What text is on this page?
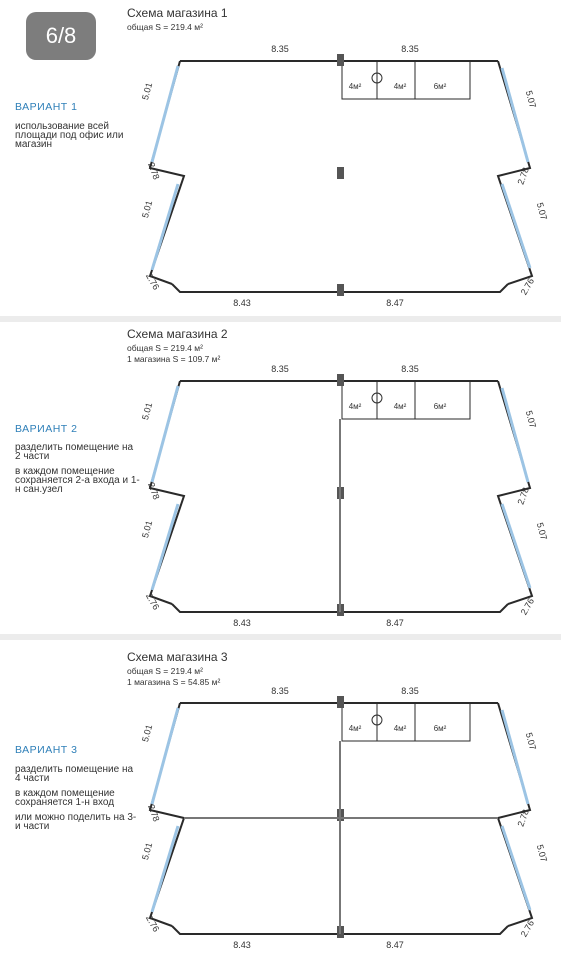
6/8
Схема магазина 1
общая S = 219.4 м²
ВАРИАНТ 1

использование всей площади под офис или магазин

Схема магазина 2
общая S = 219.4 м²
1 магазина S = 109.7 м²
ВАРИАНТ 2

разделить помещение на 2 части

в каждом помещение сохраняется 2-а входа и 1-н сан.узел

Схема магазина 3
общая S = 219.4 м²
1 магазина S = 54.85 м²
ВАРИАНТ 3

разделить помещение на 4 части

в каждом помещение сохраняется 1-н вход

или можно поделить на 3-и части

4м²	4м²	6м²
8.35	8.35
8.43	8.47
5.01
2.78
5.01
2.76
5.07
2.78
5.07
2.76
4м²	4м²	6м²
8.35	8.35
8.43	8.47
5.01
2.78
5.01
2.76
5.07
2.78
5.07
2.76
4м²	4м²	6м²
8.35	8.35
8.43	8.47
5.01
2.78
5.01
2.76
5.07
2.78
5.07
2.76
